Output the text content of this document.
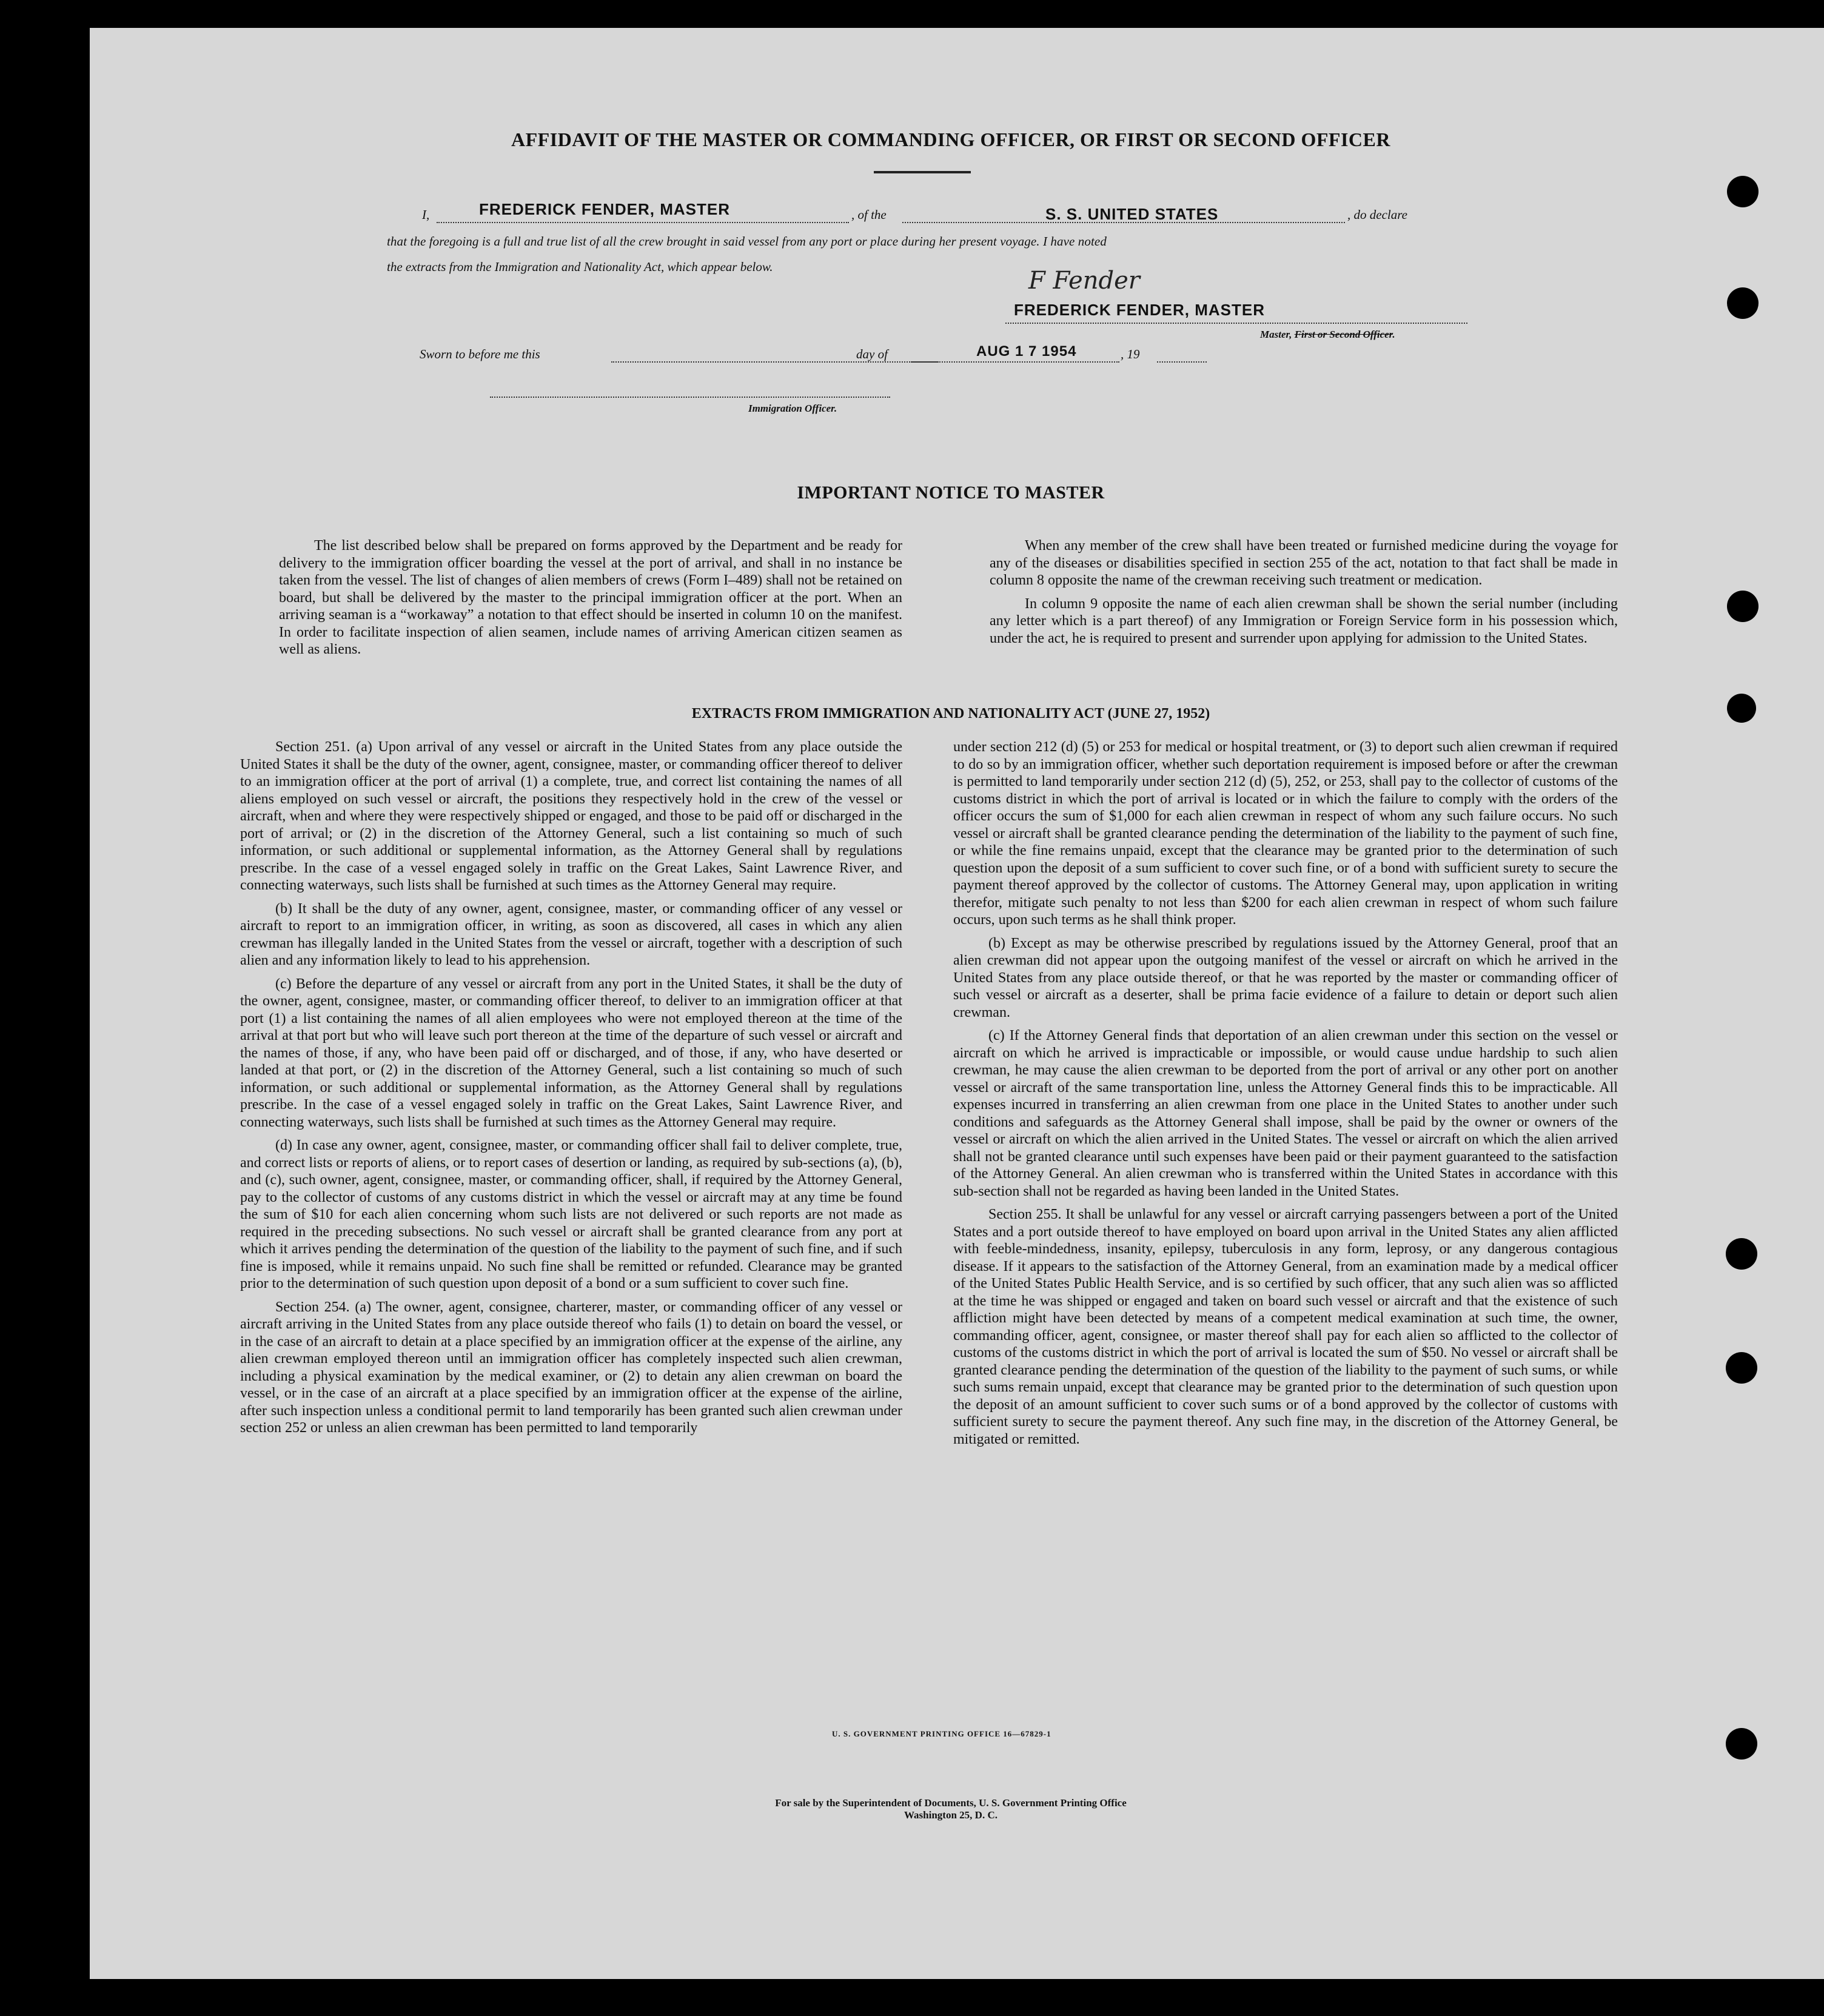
AFFIDAVIT OF THE MASTER OR COMMANDING OFFICER, OR FIRST OR SECOND OFFICER
I,	FREDERICK FENDER, MASTER	, of the	S. S. UNITED STATES	, do declare
that the foregoing is a full and true list of all the crew brought in said vessel from any port or place during her present voyage. I have noted
the extracts from the Immigration and Nationality Act, which appear below.	F Fender
FREDERICK FENDER, MASTER
Master, First or Second Officer.
Sworn to before me this	day of	AUG 1 7 1954	, 19
Immigration Officer.
IMPORTANT NOTICE TO MASTER

The list described below shall be prepared on forms approved by the Department and be ready for delivery to the immigration officer boarding the vessel at the port of arrival, and shall in no instance be taken from the vessel. The list of changes of alien members of crews (Form I–489) shall not be retained on board, but shall be delivered by the master to the principal immigration officer at the port. When an arriving seaman is a “workaway” a notation to that effect should be inserted in column 10 on the manifest. In order to facilitate inspection of alien seamen, include names of arriving American citizen seamen as well as aliens.

When any member of the crew shall have been treated or furnished medicine during the voyage for any of the diseases or disabilities specified in section 255 of the act, notation to that fact shall be made in column 8 opposite the name of the crewman receiving such treatment or medication.

In column 9 opposite the name of each alien crewman shall be shown the serial number (including any letter which is a part thereof) of any Immigration or Foreign Service form in his possession which, under the act, he is required to present and surrender upon applying for admission to the United States.

EXTRACTS FROM IMMIGRATION AND NATIONALITY ACT (JUNE 27, 1952)

Section 251. (a) Upon arrival of any vessel or aircraft in the United States from any place outside the United States it shall be the duty of the owner, agent, consignee, master, or commanding officer thereof to deliver to an immigration officer at the port of arrival (1) a complete, true, and correct list containing the names of all aliens employed on such vessel or aircraft, the positions they respectively hold in the crew of the vessel or aircraft, when and where they were respectively shipped or engaged, and those to be paid off or discharged in the port of arrival; or (2) in the discretion of the Attorney General, such a list containing so much of such information, or such additional or supplemental information, as the Attorney General shall by regulations prescribe. In the case of a vessel engaged solely in traffic on the Great Lakes, Saint Lawrence River, and connecting waterways, such lists shall be furnished at such times as the Attorney General may require.

(b) It shall be the duty of any owner, agent, consignee, master, or commanding officer of any vessel or aircraft to report to an immigration officer, in writing, as soon as discovered, all cases in which any alien crewman has illegally landed in the United States from the vessel or aircraft, together with a description of such alien and any information likely to lead to his apprehension.

(c) Before the departure of any vessel or aircraft from any port in the United States, it shall be the duty of the owner, agent, consignee, master, or commanding officer thereof, to deliver to an immigration officer at that port (1) a list containing the names of all alien employees who were not employed thereon at the time of the arrival at that port but who will leave such port thereon at the time of the departure of such vessel or aircraft and the names of those, if any, who have been paid off or discharged, and of those, if any, who have deserted or landed at that port, or (2) in the discretion of the Attorney General, such a list containing so much of such information, or such additional or supplemental information, as the Attorney General shall by regulations prescribe. In the case of a vessel engaged solely in traffic on the Great Lakes, Saint Lawrence River, and connecting waterways, such lists shall be furnished at such times as the Attorney General may require.

(d) In case any owner, agent, consignee, master, or commanding officer shall fail to deliver complete, true, and correct lists or reports of aliens, or to report cases of desertion or landing, as required by sub-sections (a), (b), and (c), such owner, agent, consignee, master, or commanding officer, shall, if required by the Attorney General, pay to the collector of customs of any customs district in which the vessel or aircraft may at any time be found the sum of $10 for each alien concerning whom such lists are not delivered or such reports are not made as required in the preceding subsections. No such vessel or aircraft shall be granted clearance from any port at which it arrives pending the determination of the question of the liability to the payment of such fine, and if such fine is imposed, while it remains unpaid. No such fine shall be remitted or refunded. Clearance may be granted prior to the determination of such question upon deposit of a bond or a sum sufficient to cover such fine.

Section 254. (a) The owner, agent, consignee, charterer, master, or commanding officer of any vessel or aircraft arriving in the United States from any place outside thereof who fails (1) to detain on board the vessel, or in the case of an aircraft to detain at a place specified by an immigration officer at the expense of the airline, any alien crewman employed thereon until an immigration officer has completely inspected such alien crewman, including a physical examination by the medical examiner, or (2) to detain any alien crewman on board the vessel, or in the case of an aircraft at a place specified by an immigration officer at the expense of the airline, after such inspection unless a conditional permit to land temporarily has been granted such alien crewman under section 252 or unless an alien crewman has been permitted to land temporarily

under section 212 (d) (5) or 253 for medical or hospital treatment, or (3) to deport such alien crewman if required to do so by an immigration officer, whether such deportation requirement is imposed before or after the crewman is permitted to land temporarily under section 212 (d) (5), 252, or 253, shall pay to the collector of customs of the customs district in which the port of arrival is located or in which the failure to comply with the orders of the officer occurs the sum of $1,000 for each alien crewman in respect of whom any such failure occurs. No such vessel or aircraft shall be granted clearance pending the determination of the liability to the payment of such fine, or while the fine remains unpaid, except that the clearance may be granted prior to the determination of such question upon the deposit of a sum sufficient to cover such fine, or of a bond with sufficient surety to secure the payment thereof approved by the collector of customs. The Attorney General may, upon application in writing therefor, mitigate such penalty to not less than $200 for each alien crewman in respect of whom such failure occurs, upon such terms as he shall think proper.

(b) Except as may be otherwise prescribed by regulations issued by the Attorney General, proof that an alien crewman did not appear upon the outgoing manifest of the vessel or aircraft on which he arrived in the United States from any place outside thereof, or that he was reported by the master or commanding officer of such vessel or aircraft as a deserter, shall be prima facie evidence of a failure to detain or deport such alien crewman.

(c) If the Attorney General finds that deportation of an alien crewman under this section on the vessel or aircraft on which he arrived is impracticable or impossible, or would cause undue hardship to such alien crewman, he may cause the alien crewman to be deported from the port of arrival or any other port on another vessel or aircraft of the same transportation line, unless the Attorney General finds this to be impracticable. All expenses incurred in transferring an alien crewman from one place in the United States to another under such conditions and safeguards as the Attorney General shall impose, shall be paid by the owner or owners of the vessel or aircraft on which the alien arrived in the United States. The vessel or aircraft on which the alien arrived shall not be granted clearance until such expenses have been paid or their payment guaranteed to the satisfaction of the Attorney General. An alien crewman who is transferred within the United States in accordance with this sub-section shall not be regarded as having been landed in the United States.

Section 255. It shall be unlawful for any vessel or aircraft carrying passengers between a port of the United States and a port outside thereof to have employed on board upon arrival in the United States any alien afflicted with feeble-mindedness, insanity, epilepsy, tuberculosis in any form, leprosy, or any dangerous contagious disease. If it appears to the satisfaction of the Attorney General, from an examination made by a medical officer of the United States Public Health Service, and is so certified by such officer, that any such alien was so afflicted at the time he was shipped or engaged and taken on board such vessel or aircraft and that the existence of such affliction might have been detected by means of a competent medical examination at such time, the owner, commanding officer, agent, consignee, or master thereof shall pay for each alien so afflicted to the collector of customs of the customs district in which the port of arrival is located the sum of $50. No vessel or aircraft shall be granted clearance pending the determination of the question of the liability to the payment of such sums, or while such sums remain unpaid, except that clearance may be granted prior to the determination of such question upon the deposit of an amount sufficient to cover such sums or of a bond approved by the collector of customs with sufficient surety to secure the payment thereof. Any such fine may, in the discretion of the Attorney General, be mitigated or remitted.

U. S. GOVERNMENT PRINTING OFFICE 16—67829-1
For sale by the Superintendent of Documents, U. S. Government Printing Office
Washington 25, D. C.
